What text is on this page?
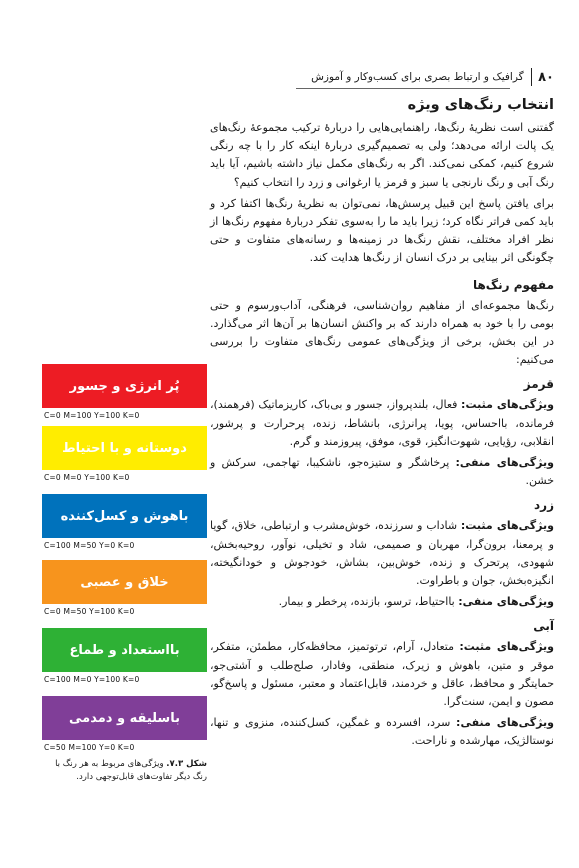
۸۰
گرافیک و ارتباط بصری برای کسب‌وکار و آموزش
انتخاب رنگ‌های ویژه

گفتنی است نظریهٔ رنگ‌ها، راهنمایی‌هایی را دربارهٔ ترکیب مجموعهٔ رنگ‌های یک پالت ارائه می‌دهد؛ ولی به تصمیم‌گیری دربارهٔ اینکه کار را با چه رنگی شروع کنیم، کمکی نمی‌کند. اگر به رنگ‌های مکمل نیاز داشته باشیم، آیا باید رنگ آبی و رنگ نارنجی یا سبز و قرمز یا ارغوانی و زرد را انتخاب کنیم؟

برای یافتن پاسخ این قبیل پرسش‌ها، نمی‌توان به نظریهٔ رنگ‌ها اکتفا کرد و باید کمی فراتر نگاه کرد؛ زیرا باید ما را به‌سوی تفکر دربارهٔ مفهوم رنگ‌ها از نظر افراد مختلف، نقش رنگ‌ها در زمینه‌ها و رسانه‌های متفاوت و حتی چگونگی اثر بینایی بر درک انسان از رنگ‌ها هدایت کند.

مفهوم رنگ‌ها

رنگ‌ها مجموعه‌ای از مفاهیم روان‌شناسی، فرهنگی، آداب‌ورسوم و حتی بومی را با خود به همراه دارند که بر واکنش انسان‌ها بر آن‌ها اثر می‌گذارد. در این بخش، برخی از ویژگی‌های عمومی رنگ‌های متفاوت را بررسی می‌کنیم:

قرمز

ویژگی‌های مثبت: فعال، بلندپرواز، جسور و بی‌باک، کاریزماتیک (فرهمند)، فرمانده، بااحساس، پویا، پرانرژی، بانشاط، زنده، پرحرارت و پرشور، انقلابی، رؤیایی، شهوت‌انگیز، قوی، موفق، پیروزمند و گرم.

ویژگی‌های منفی: پرخاشگر و ستیزه‌جو، ناشکیبا، تهاجمی، سرکش و خشن.

زرد

ویژگی‌های مثبت: شاداب و سرزنده، خوش‌مشرب و ارتباطی، خلاق، گویا و پرمعنا، برون‌گرا، مهربان و صمیمی، شاد و تخیلی، نوآور، روحیه‌بخش، شهودی، پرتحرک و زنده، خوش‌بین، بشاش، خودجوش و خودانگیخته، انگیزه‌بخش، جوان و باطراوت.

ویژگی‌های منفی: بااحتیاط، ترسو، بازنده، پرخطر و بیمار.

آبی

ویژگی‌های مثبت: متعادل، آرام، ترتوتمیز، محافظه‌کار، مطمئن، متفکر، موقر و متین، باهوش و زیرک، منطقی، وفادار، صلح‌طلب و آشتی‌جو، حمایتگر و محافظ، عاقل و خردمند، قابل‌اعتماد و معتبر، مسئول و پاسخ‌گو، مصون و ایمن، سنت‌گرا.

ویژگی‌های منفی: سرد، افسرده و غمگین، کسل‌کننده، منزوی و تنها، نوستالژیک، مهارشده و ناراحت.

پُر انرژی و جسور
C=0 M=100 Y=100 K=0
دوستانه و با احتیاط
C=0 M=0 Y=100 K=0
باهوش و کسل‌کننده
C=100 M=50 Y=0 K=0
خلاق و عصبی
C=0 M=50 Y=100 K=0
بااستعداد و طماع
C=100 M=0 Y=100 K=0
باسلیقه و دمدمی
C=50 M=100 Y=0 K=0
شکل ۷.۳. ویژگی‌های مربوط به هر رنگ با رنگ دیگر تفاوت‌های قابل‌توجهی دارد.
